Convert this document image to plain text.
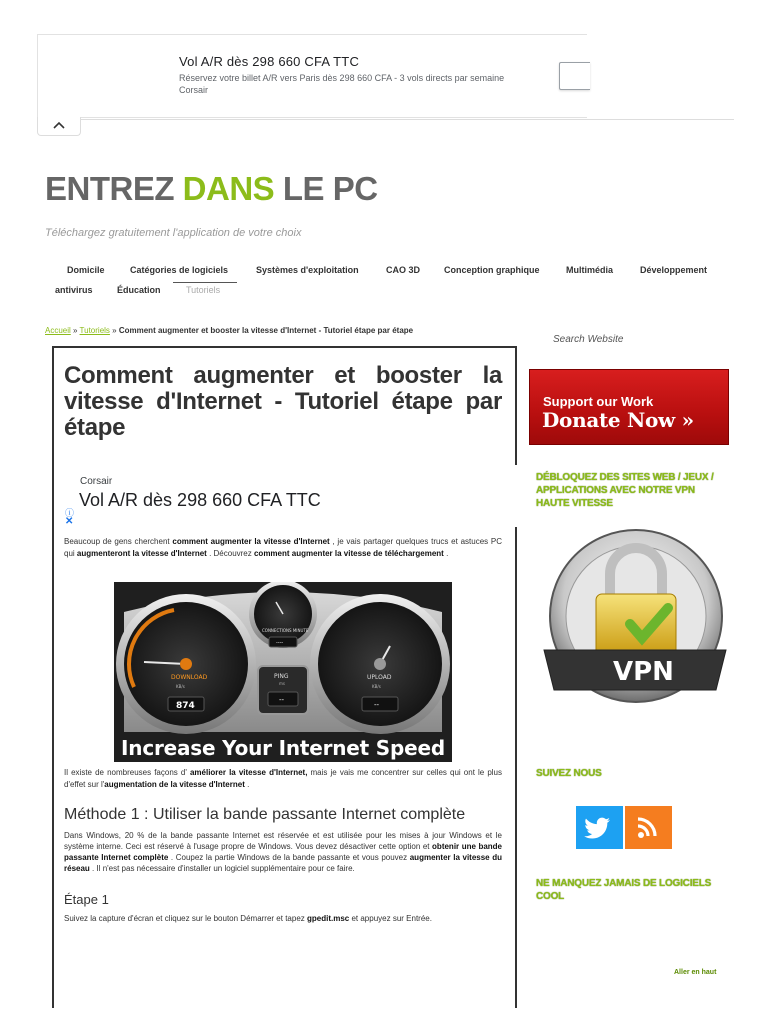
Vol A/R dès 298 660 CFA TTC
Réservez votre billet A/R vers Paris dès 298 660 CFA - 3 vols directs par semaine
Corsair
ENTREZ DANS LE PC
Téléchargez gratuitement l'application de votre choix
Domicile	Catégories de logiciels	Systèmes d'exploitation	CAO 3D	Conception graphique	Multimédia	Développement
antivirus	Éducation	Tutoriels
Accueil » Tutoriels » Comment augmenter et booster la vitesse d'Internet - Tutoriel étape par étape
Comment augmenter et booster la vitesse d'Internet - Tutoriel étape par étape
Corsair
Vol A/R dès 298 660 CFA TTC
ⓘ
✕
Beaucoup de gens cherchent comment augmenter la vitesse d'Internet , je vais partager quelques trucs et astuces PC qui augmenteront la vitesse d'Internet . Découvrez comment augmenter la vitesse de téléchargement .
DOWNLOAD
KB/s
874
UPLOAD
KB/s
--
CONNECTIONS MINUTE
----
PING
ms
--
Increase Your Internet Speed
Il existe de nombreuses façons d' améliorer la vitesse d'Internet, mais je vais me concentrer sur celles qui ont le plus d'effet sur l'augmentation de la vitesse d'Internet .
Méthode 1 : Utiliser la bande passante Internet complète
Dans Windows, 20 % de la bande passante Internet est réservée et est utilisée pour les mises à jour Windows et le système interne. Ceci est réservé à l'usage propre de Windows. Vous devez désactiver cette option et obtenir une bande passante Internet complète . Coupez la partie Windows de la bande passante et vous pouvez augmenter la vitesse du réseau . Il n'est pas nécessaire d'installer un logiciel supplémentaire pour ce faire.
Étape 1
Suivez la capture d'écran et cliquez sur le bouton Démarrer et tapez gpedit.msc et appuyez sur Entrée.
Search Website
Support our Work
Donate Now »
DÉBLOQUEZ DES SITES WEB / JEUX / APPLICATIONS AVEC NOTRE VPN HAUTE VITESSE
VPN
SUIVEZ NOUS
NE MANQUEZ JAMAIS DE LOGICIELS COOL
Aller en haut
